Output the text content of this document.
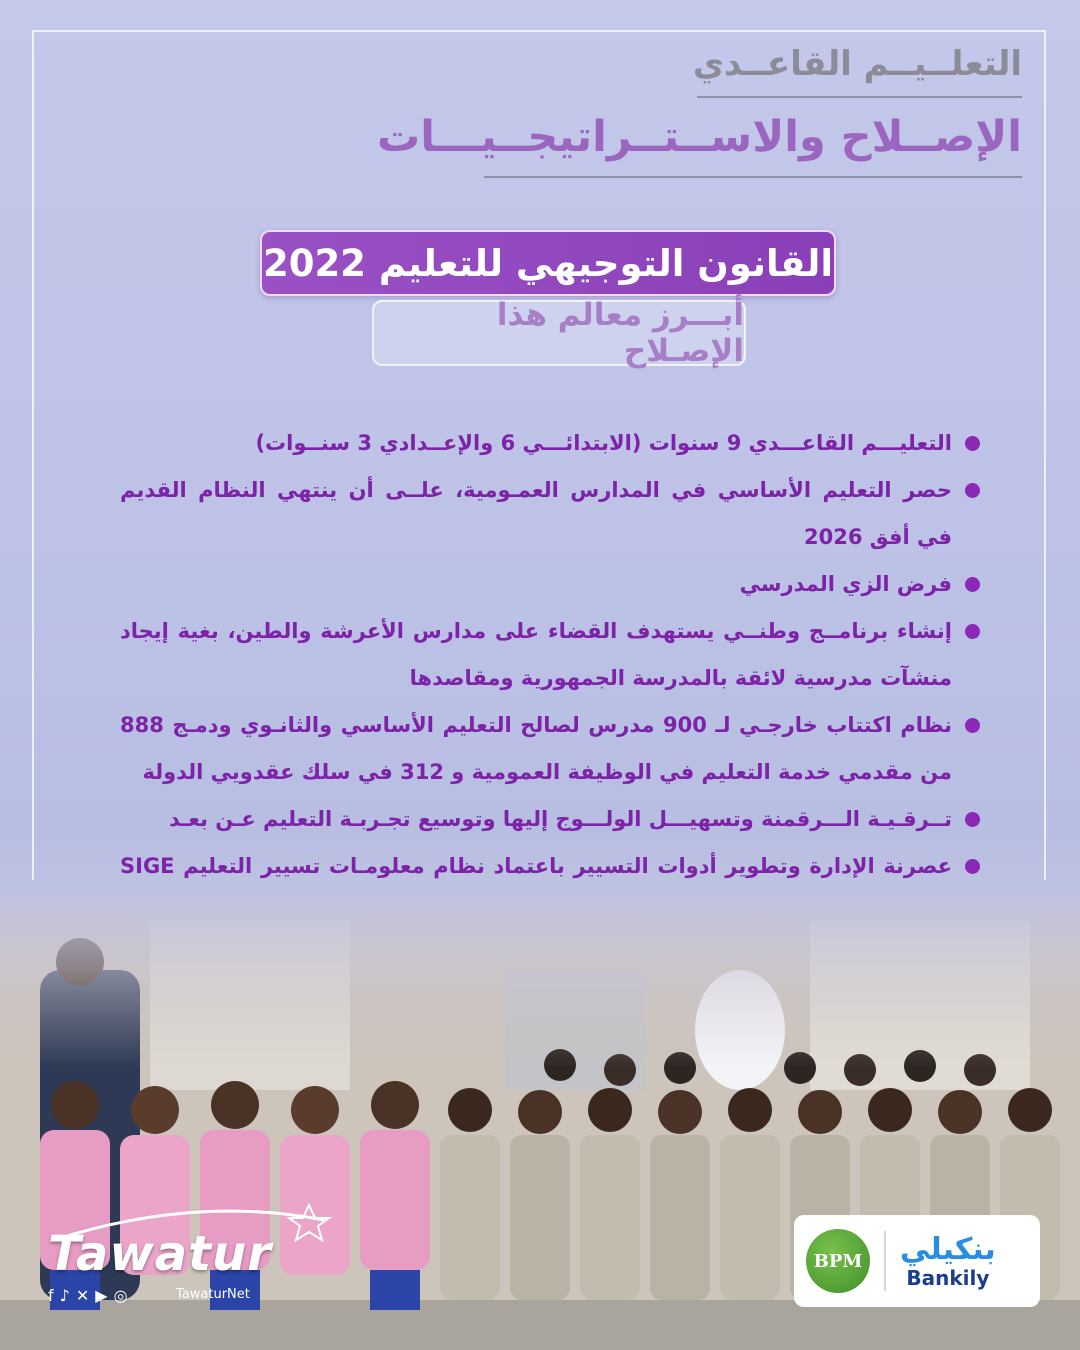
التعلــيــم القاعــدي
الإصــلاح والاســتــراتيجــيـــات
القانون التوجيهي للتعليم 2022
أبـــرز معالم هذا الإصـلاح
التعليـــم القاعـــدي 9 سنوات (الابتدائـــي 6 والإعــدادي 3 سنــوات)
حصر التعليم الأساسي في المدارس العمـومية، علــى أن ينتهي النظام القديم في أفق 2026
فرض الزي المدرسي
إنشاء برنامــج وطنــي يستهدف القضاء على مدارس الأعرشة والطين، بغية إيجاد منشآت مدرسية لائقة بالمدرسة الجمهورية ومقاصدها
نظام اكتتاب خارجـي لـ 900 مدرس لصالح التعليم الأساسي والثانـوي ودمـج 888 من مقدمي خدمة التعليم في الوظيفة العمومية و 312 في سلك عقدويي الدولة
تــرقـيـة الـــرقمنة وتسهيـــل الولـــوج إليها وتوسيع تجـربـة التعليم عـن بعـد
عصرنة الإدارة وتطوير أدوات التسيير باعتماد نظام معلومـات تسيير التعليم SIGE
Tawatur
f ♪ ✕ ▶ ◎	TawaturNet
BPM بنكيلي
Bankily
